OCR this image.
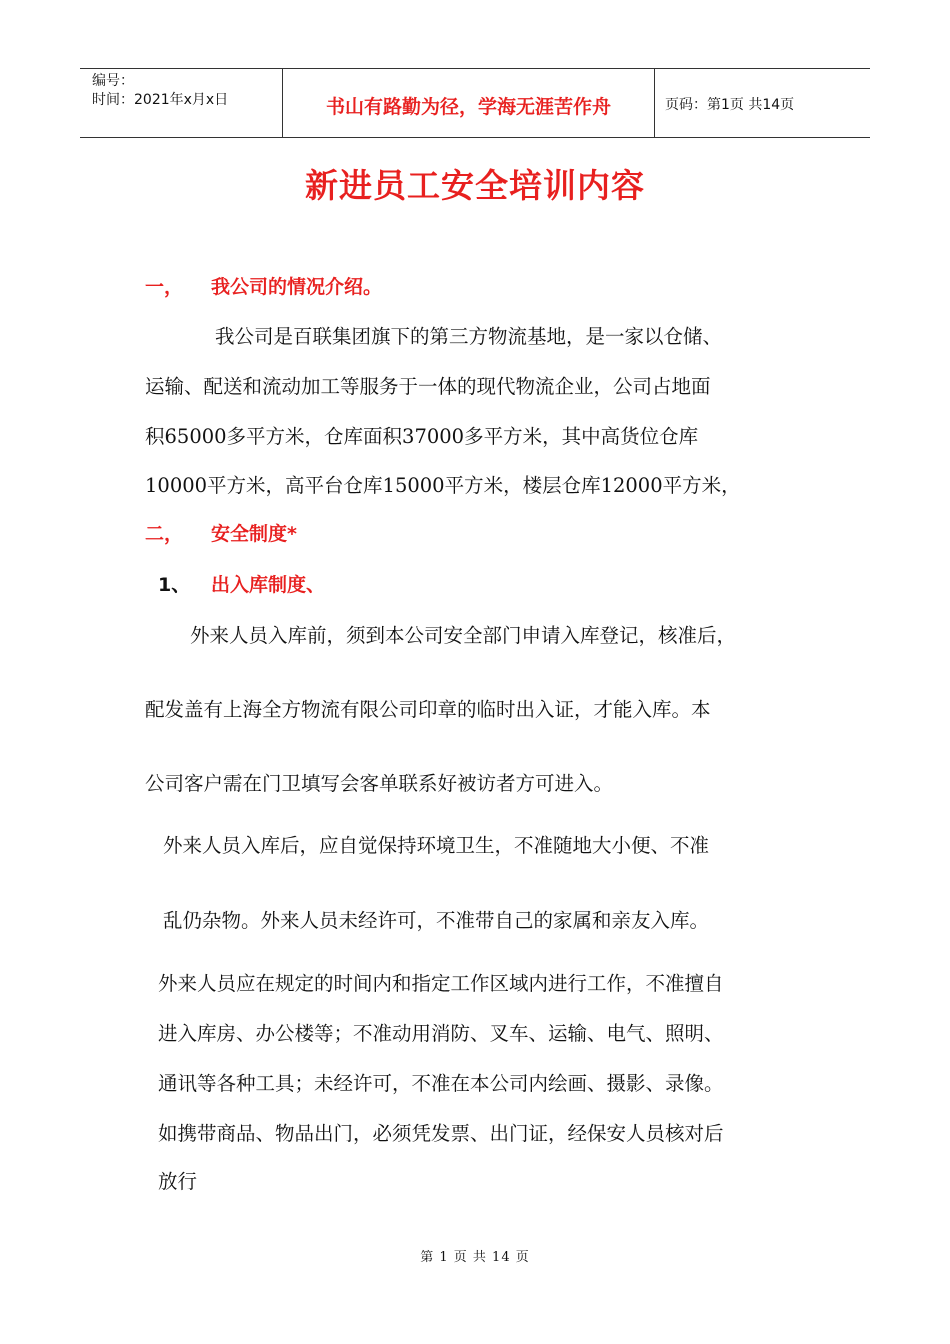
编号：
时间：2021年x月x日	书山有路勤为径，学海无涯苦作舟	页码：第1页 共14页
新进员工安全培训内容
一， 我公司的情况介绍。
我公司是百联集团旗下的第三方物流基地，是一家以仓储、
运输、配送和流动加工等服务于一体的现代物流企业，公司占地面
积65000多平方米，仓库面积37000多平方米，其中高货位仓库
10000平方米，高平台仓库15000平方米，楼层仓库12000平方米，
二， 安全制度*
1、 出入库制度、
外来人员入库前，须到本公司安全部门申请入库登记，核准后，
配发盖有上海全方物流有限公司印章的临时出入证，才能入库。本
公司客户需在门卫填写会客单联系好被访者方可进入。
外来人员入库后，应自觉保持环境卫生，不准随地大小便、不准
乱仍杂物。外来人员未经许可，不准带自己的家属和亲友入库。
外来人员应在规定的时间内和指定工作区域内进行工作，不准擅自
进入库房、办公楼等；不准动用消防、叉车、运输、电气、照明、
通讯等各种工具；未经许可，不准在本公司内绘画、摄影、录像。
如携带商品、物品出门，必须凭发票、出门证，经保安人员核对后
放行
第 1 页 共 14 页
